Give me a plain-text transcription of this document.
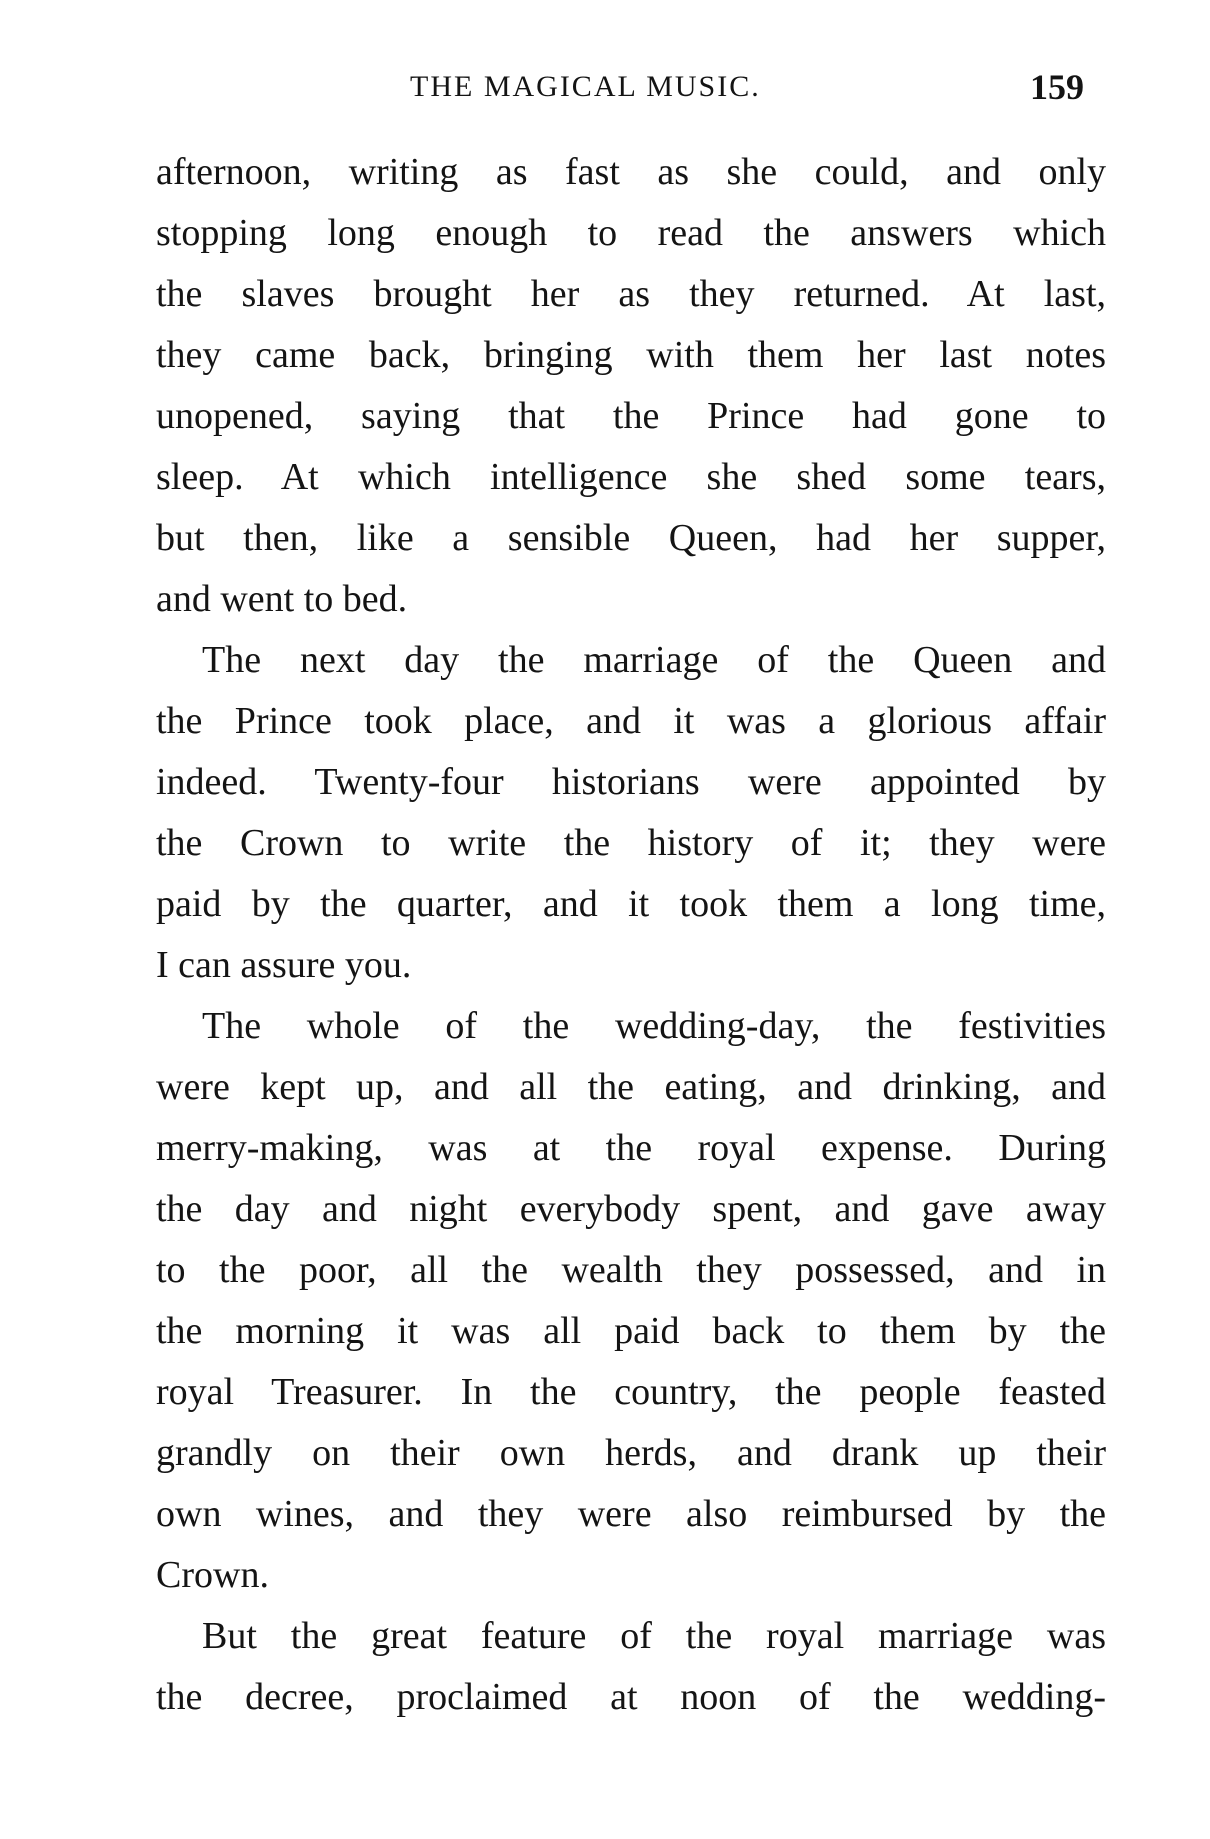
THE MAGICAL MUSIC.	159
afternoon, writing as fast as she could, and only
stopping long enough to read the answers which
the slaves brought her as they returned. At last,
they came back, bringing with them her last notes
unopened, saying that the Prince had gone to
sleep. At which intelligence she shed some tears,
but then, like a sensible Queen, had her supper,
and went to bed.
The next day the marriage of the Queen and
the Prince took place, and it was a glorious affair
indeed. Twenty-four historians were appointed by
the Crown to write the history of it; they were
paid by the quarter, and it took them a long time,
I can assure you.
The whole of the wedding-day, the festivities
were kept up, and all the eating, and drinking, and
merry-making, was at the royal expense. During
the day and night everybody spent, and gave away
to the poor, all the wealth they possessed, and in
the morning it was all paid back to them by the
royal Treasurer. In the country, the people feasted
grandly on their own herds, and drank up their
own wines, and they were also reimbursed by the
Crown.
But the great feature of the royal marriage was
the decree, proclaimed at noon of the wedding-
